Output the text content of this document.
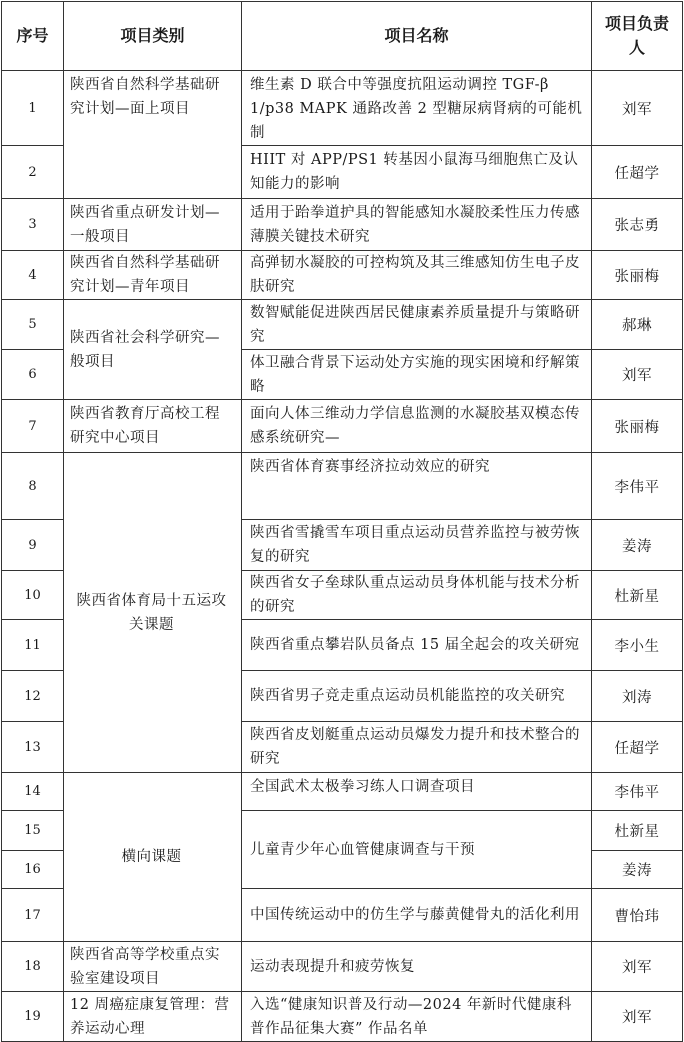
序号	项目类别	项目名称	项目负责人
1	陕西省自然科学基础研究计划—面上项目	维生素 D 联合中等强度抗阻运动调控 TGF-β 1/p38 MAPK 通路改善 2 型糖尿病肾病的可能机制	刘军
2		HIIT 对 APP/PS1 转基因小鼠海马细胞焦亡及认知能力的影响	任超学
3	陕西省重点研发计划—一般项目	适用于跆拳道护具的智能感知水凝胶柔性压力传感薄膜关键技术研究	张志勇
4	陕西省自然科学基础研究计划—青年项目	高弹韧水凝胶的可控构筑及其三维感知仿生电子皮肤研究	张丽梅
5	陕西省社会科学研究—般项目	数智赋能促进陕西居民健康素养质量提升与策略研究	郝琳
6		体卫融合背景下运动处方实施的现实困境和纾解策略	刘军
7	陕西省教育厅高校工程研究中心项目	面向人体三维动力学信息监测的水凝胶基双模态传感系统研究—	张丽梅
8	陕西省体育局十五运攻关课题	陕西省体育赛事经济拉动效应的研究	李伟平
9		陕西省雪撬雪车项目重点运动员营养监控与被劳恢复的研究	姜涛
10		陕西省女子垒球队重点运动员身体机能与技术分析的研究	杜新星
11		陕西省重点攀岩队员备点 15 届全起会的攻关研宛	李小生
12		陕西省男子竞走重点运动员机能监控的攻关研究	刘涛
13		陕西省皮划艇重点运动员爆发力提升和技术整合的研究	任超学
14	横向课题	全国武术太极拳习练人口调查项目	李伟平
15		儿童青少年心血管健康调查与干预	杜新星
16			姜涛
17		中国传统运动中的仿生学与藤黄健骨丸的活化利用	曹怡玮
18	陕西省高等学校重点实验室建设项目	运动表现提升和疲劳恢复	刘军
19	12 周癌症康复管理：营养运动心理	入选“健康知识普及行动—2024 年新时代健康科普作品征集大赛” 作品名单	刘军
